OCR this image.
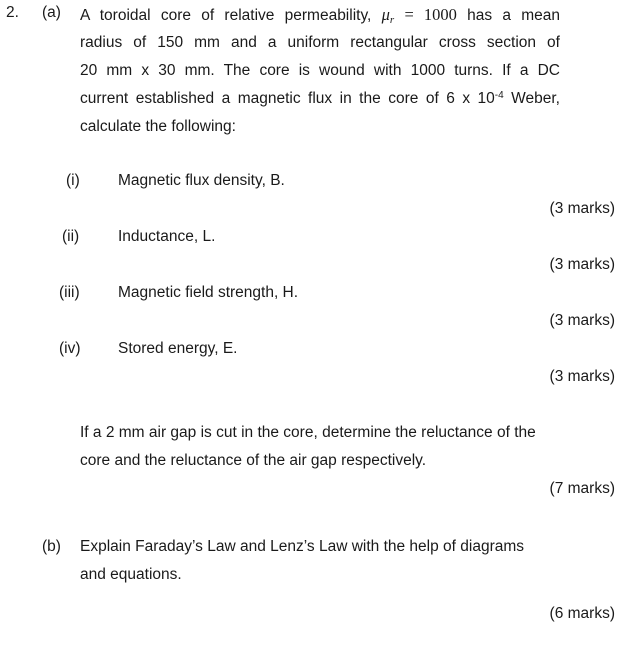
2. (a) A toroidal core of relative permeability, $\mu_r = 1000$ has a mean
radius of 150 mm and a uniform rectangular cross section of
20 mm x 30 mm. The core is wound with 1000 turns. If a DC
current established a magnetic flux in the core of 6 x $10^{-4}$ Weber,
calculate the following:
(i) Magnetic flux density, B.
(3 marks)
(ii)	Inductance, L.
(3 marks)
(iii) Magnetic field strength, H.
(3 marks)
(iv) Stored energy, E.
(3 marks)
If a 2 mm air gap is cut in the core, determine the reluctance of the
core and the reluctance of the air gap respectively.
(7 marks)
(b) Explain Faraday’s Law and Lenz’s Law with the help of diagrams
and equations.
(6 marks)
